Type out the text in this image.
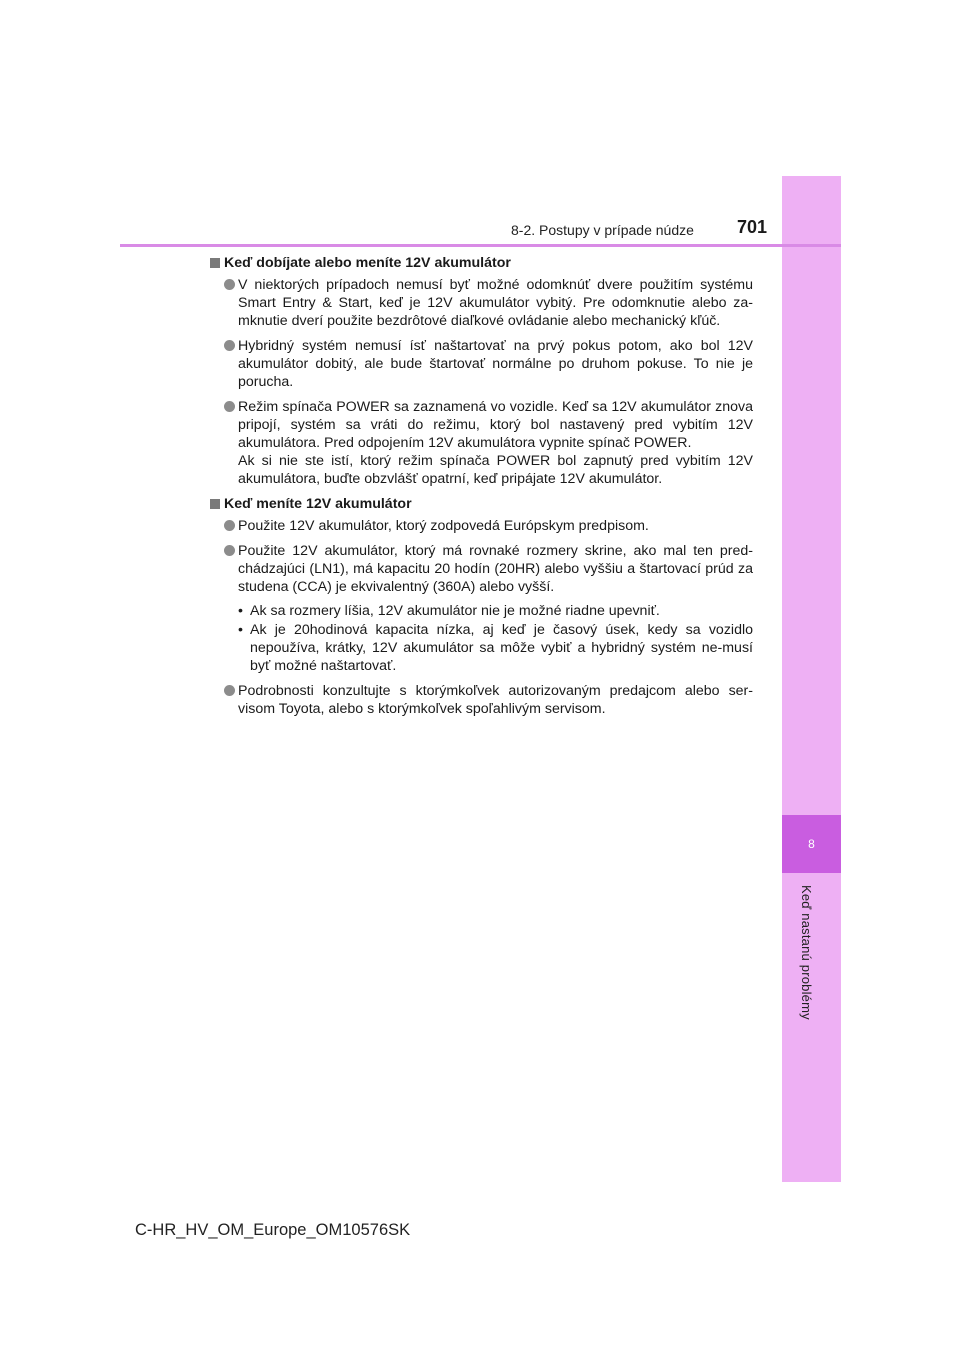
8
Keď nastanú problémy
8-2. Postupy v prípade núdze 701
Keď dobíjate alebo meníte 12V akumulátor

V niektorých prípadoch nemusí byť možné odomknúť dvere použitím systému Smart Entry & Start, keď je 12V akumulátor vybitý. Pre odomknutie alebo za-mknutie dverí použite bezdrôtové diaľkové ovládanie alebo mechanický kľúč.

Hybridný systém nemusí ísť naštartovať na prvý pokus potom, ako bol 12V akumulátor dobitý, ale bude štartovať normálne po druhom pokuse. To nie je porucha.

Režim spínača POWER sa zaznamená vo vozidle. Keď sa 12V akumulátor znova pripojí, systém sa vráti do režimu, ktorý bol nastavený pred vybitím 12V akumulátora. Pred odpojením 12V akumulátora vypnite spínač POWER.

Ak si nie ste istí, ktorý režim spínača POWER bol zapnutý pred vybitím 12V akumulátora, buďte obzvlášť opatrní, keď pripájate 12V akumulátor.

Keď meníte 12V akumulátor

Použite 12V akumulátor, ktorý zodpovedá Európskym predpisom.

Použite 12V akumulátor, ktorý má rovnaké rozmery skrine, ako mal ten pred-chádzajúci (LN1), má kapacitu 20 hodín (20HR) alebo vyššiu a štartovací prúd za studena (CCA) je ekvivalentný (360A) alebo vyšší.

• Ak sa rozmery líšia, 12V akumulátor nie je možné riadne upevniť.
• Ak je 20hodinová kapacita nízka, aj keď je časový úsek, kedy sa vozidlo nepoužíva, krátky, 12V akumulátor sa môže vybiť a hybridný systém ne-musí byť možné naštartovať.

Podrobnosti konzultujte s ktorýmkoľvek autorizovaným predajcom alebo ser-visom Toyota, alebo s ktorýmkoľvek spoľahlivým servisom.

C-HR_HV_OM_Europe_OM10576SK
